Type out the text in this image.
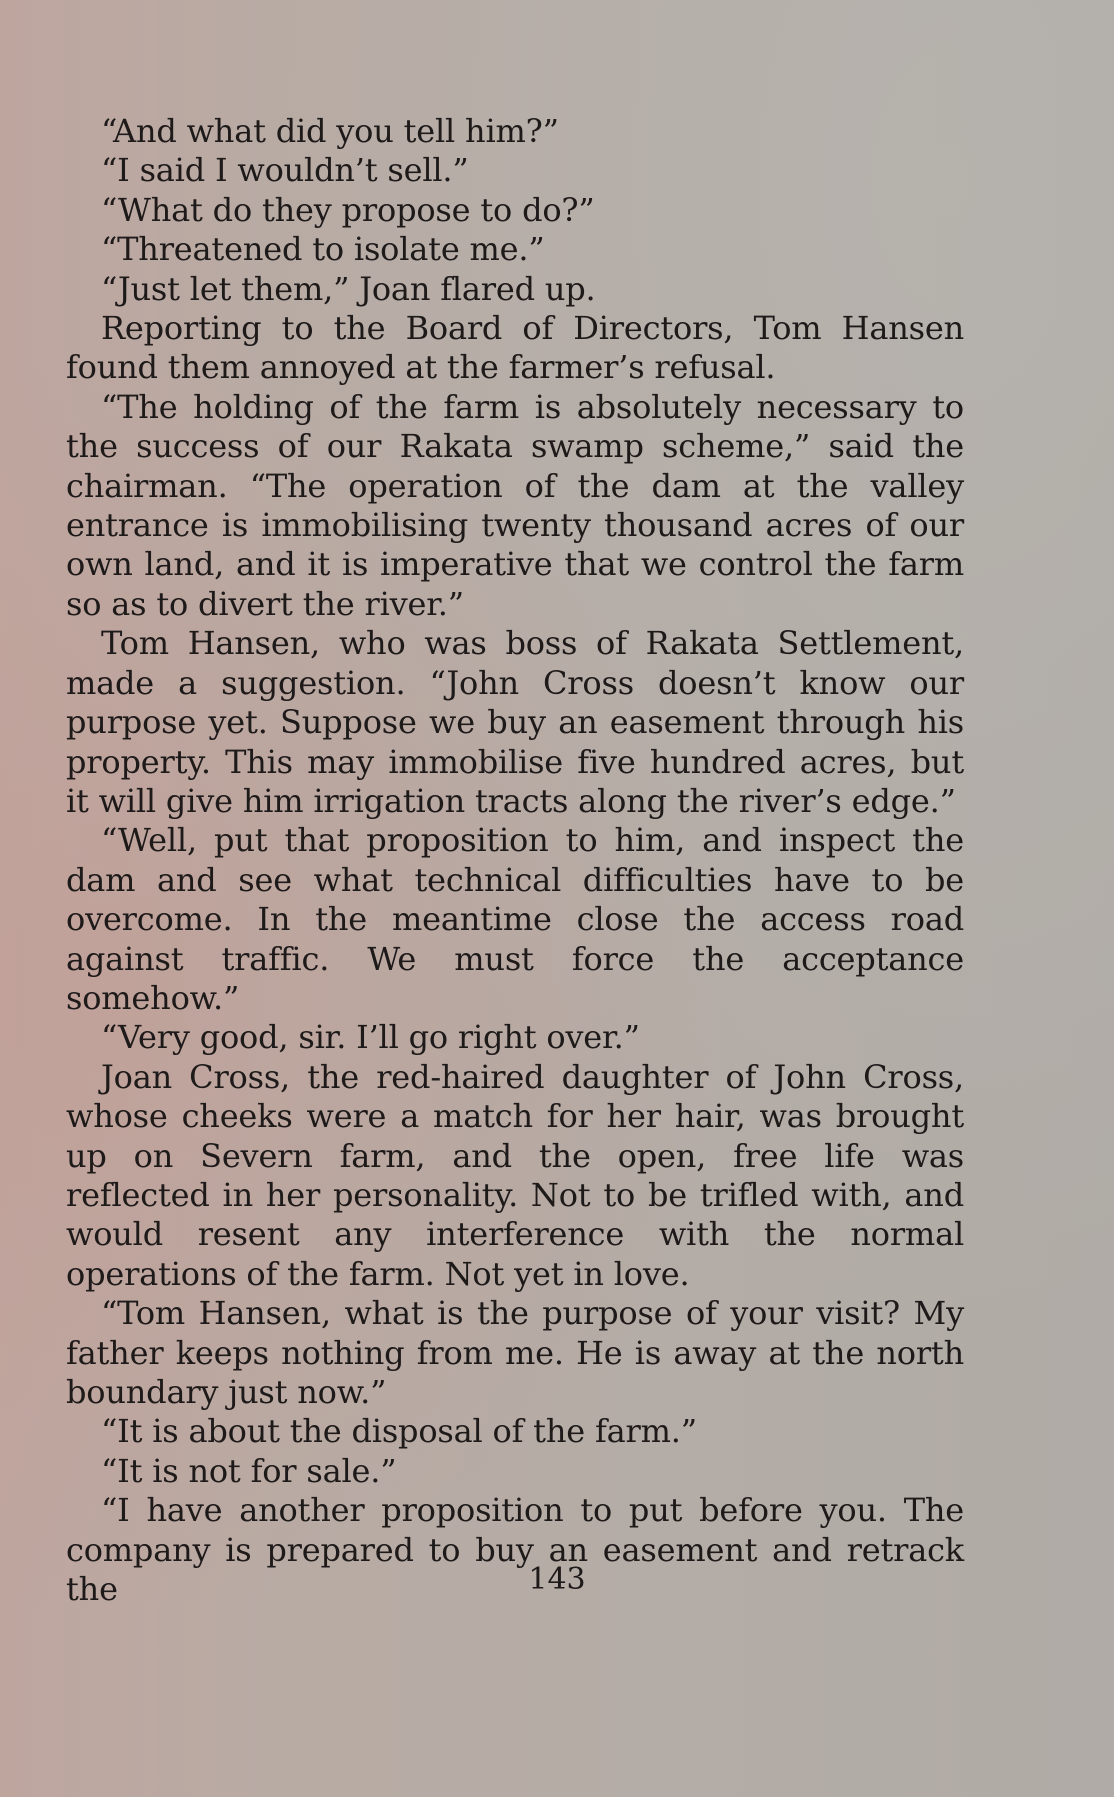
“And what did you tell him?”

“I said I wouldn’t sell.”

“What do they propose to do?”

“Threatened to isolate me.”

“Just let them,” Joan flared up.

Reporting to the Board of Directors, Tom Hansen found them annoyed at the farmer’s refusal.

“The holding of the farm is absolutely necessary to the success of our Rakata swamp scheme,” said the chairman. “The operation of the dam at the valley entrance is immobilising twenty thousand acres of our own land, and it is imperative that we control the farm so as to divert the river.”

Tom Hansen, who was boss of Rakata Settlement, made a suggestion. “John Cross doesn’t know our purpose yet. Suppose we buy an easement through his property. This may immobilise five hundred acres, but it will give him irrigation tracts along the river’s edge.”

“Well, put that proposition to him, and inspect the dam and see what technical difficulties have to be overcome. In the meantime close the access road against traffic. We must force the acceptance somehow.”

“Very good, sir. I’ll go right over.”

Joan Cross, the red-haired daughter of John Cross, whose cheeks were a match for her hair, was brought up on Severn farm, and the open, free life was reflected in her personality. Not to be trifled with, and would resent any interference with the normal operations of the farm. Not yet in love.

“Tom Hansen, what is the purpose of your visit? My father keeps nothing from me. He is away at the north boundary just now.”

“It is about the disposal of the farm.”

“It is not for sale.”

“I have another proposition to put before you. The company is prepared to buy an easement and retrack the	143
